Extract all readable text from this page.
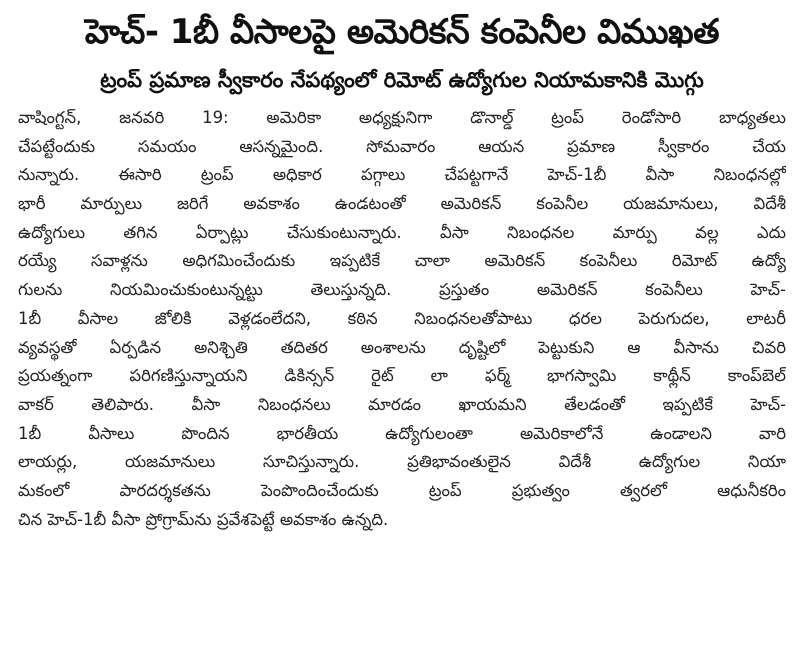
హెచ్‌- 1బీ వీసాలపై అమెరికన్‌ కంపెనీల విముఖత
ట్రంప్‌ ప్రమాణ స్వీకారం నేపథ్యంలో రిమోట్‌ ఉద్యోగుల నియామకానికి మొగ్గు
వాషింగ్టన్‌, జనవరి 19: అమెరికా అధ్యక్షునిగా డొనాల్డ్‌ ట్రంప్‌ రెండోసారి బాధ్యతలు
చేపట్టేందుకు సమయం ఆసన్నమైంది. సోమవారం ఆయన ప్రమాణ స్వీకారం చేయ
నున్నారు. ఈసారి ట్రంప్‌ అధికార పగ్గాలు చేపట్టగానే హెచ్‌-1బీ వీసా నిబంధనల్లో
భారీ మార్పులు జరిగే అవకాశం ఉండటంతో అమెరికన్‌ కంపెనీల యజమానులు, విదేశీ
ఉద్యోగులు తగిన ఏర్పాట్లు చేసుకుంటున్నారు. వీసా నిబంధనల మార్పు వల్ల ఎదు
రయ్యే సవాళ్లను అధిగమించేందుకు ఇప్పటికే చాలా అమెరికన్‌ కంపెనీలు రిమోట్‌ ఉద్యో
గులను నియమించుకుంటున్నట్టు తెలుస్తున్నది. ప్రస్తుతం అమెరికన్‌ కంపెనీలు హెచ్‌-
1బీ వీసాల జోలికి వెళ్లడంలేదని, కఠిన నిబంధనలతోపాటు ధరల పెరుగుదల, లాటరీ
వ్యవస్థతో ఏర్పడిన అనిశ్చితి తదితర అంశాలను దృష్టిలో పెట్టుకుని ఆ వీసాను చివరి
ప్రయత్నంగా పరిగణిస్తున్నాయని డికిన్సన్‌ రైట్‌ లా ఫర్మ్‌ భాగస్వామి కాథ్లీన్‌ కాంప్‌బెల్‌
వాకర్‌ తెలిపారు. వీసా నిబంధనలు మారడం ఖాయమని తేలడంతో ఇప్పటికే హెచ్‌-
1బీ వీసాలు పొందిన భారతీయ ఉద్యోగులంతా అమెరికాలోనే ఉండాలని వారి
లాయర్లు, యజమానులు సూచిస్తున్నారు. ప్రతిభావంతులైన విదేశీ ఉద్యోగుల నియా
మకంలో పారదర్శకతను పెంపొందించేందుకు ట్రంప్‌ ప్రభుత్వం త్వరలో ఆధునీకరిం
చిన హెచ్‌-1బీ వీసా ప్రోగ్రామ్‌ను ప్రవేశపెట్టే అవకాశం ఉన్నది.
